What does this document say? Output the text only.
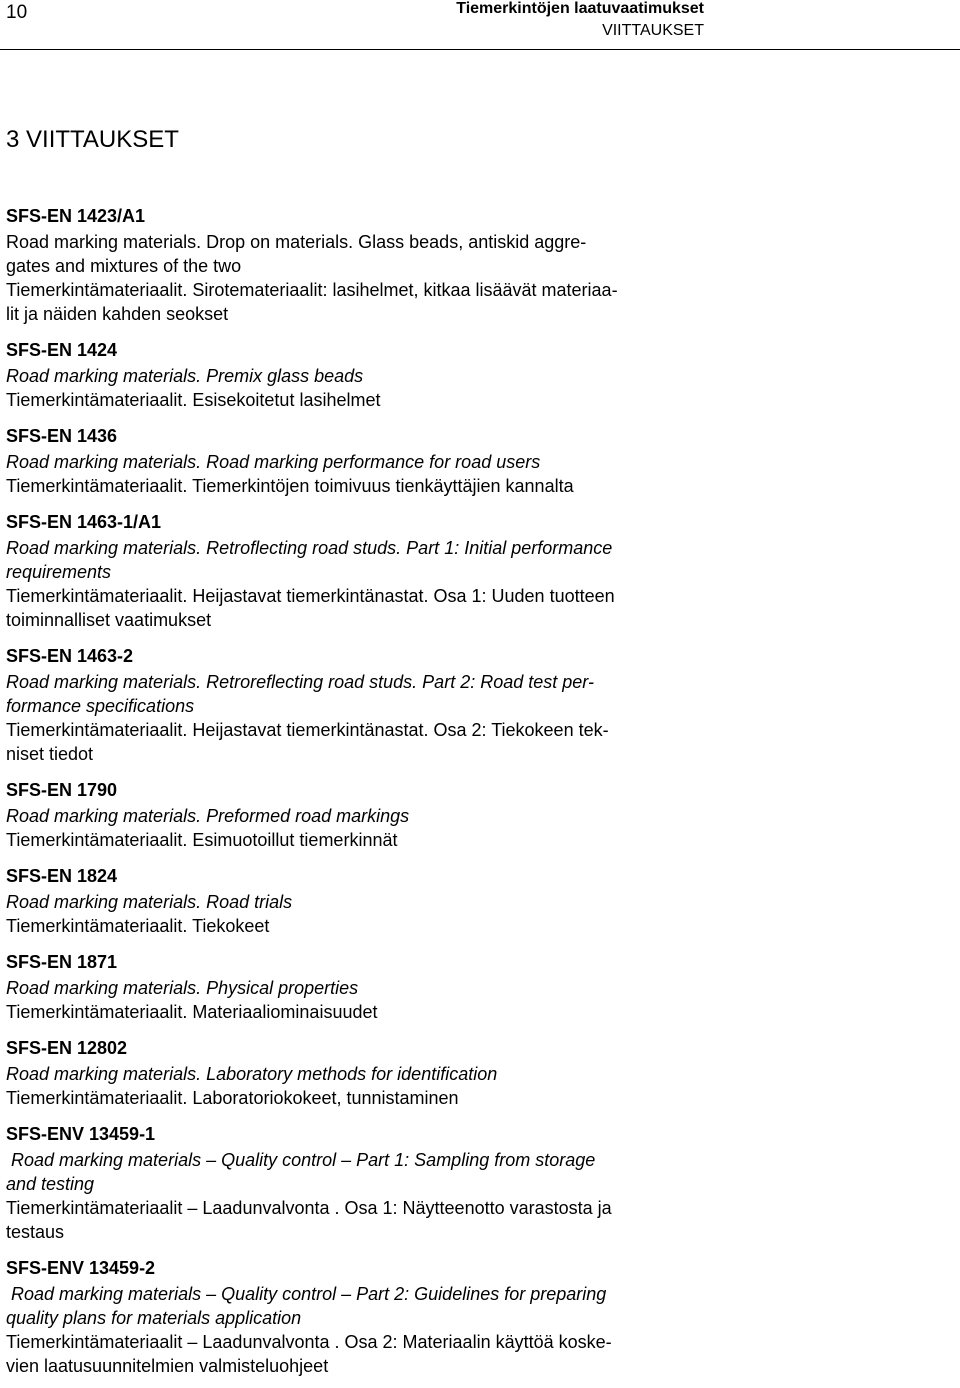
10	Tiemerkintöjen laatuvaatimukset
VIITTAUKSET
3 VIITTAUKSET
SFS-EN 1423/A1
Road marking materials. Drop on materials. Glass beads, antiskid aggre-
gates and mixtures of the two
Tiemerkintämateriaalit. Sirotemateriaalit: lasihelmet, kitkaa lisäävät materiaa-
lit ja näiden kahden seokset
SFS-EN 1424
Road marking materials. Premix glass beads
Tiemerkintämateriaalit. Esisekoitetut lasihelmet
SFS-EN 1436
Road marking materials. Road marking performance for road users
Tiemerkintämateriaalit. Tiemerkintöjen toimivuus tienkäyttäjien kannalta
SFS-EN 1463-1/A1
Road marking materials. Retroflecting road studs. Part 1: Initial performance
requirements
Tiemerkintämateriaalit. Heijastavat tiemerkintänastat. Osa 1: Uuden tuotteen
toiminnalliset vaatimukset
SFS-EN 1463-2
Road marking materials. Retroreflecting road studs. Part 2: Road test per-
formance specifications
Tiemerkintämateriaalit. Heijastavat tiemerkintänastat. Osa 2: Tiekokeen tek-
niset tiedot
SFS-EN 1790
Road marking materials. Preformed road markings
Tiemerkintämateriaalit. Esimuotoillut tiemerkinnät
SFS-EN 1824
Road marking materials. Road trials
Tiemerkintämateriaalit. Tiekokeet
SFS-EN 1871
Road marking materials. Physical properties
Tiemerkintämateriaalit. Materiaaliominaisuudet
SFS-EN 12802
Road marking materials. Laboratory methods for identification
Tiemerkintämateriaalit. Laboratoriokokeet, tunnistaminen
SFS-ENV 13459-1
Road marking materials – Quality control – Part 1: Sampling from storage
and testing
Tiemerkintämateriaalit – Laadunvalvonta . Osa 1: Näytteenotto varastosta ja
testaus
SFS-ENV 13459-2
Road marking materials – Quality control – Part 2: Guidelines for preparing
quality plans for materials application
Tiemerkintämateriaalit – Laadunvalvonta . Osa 2: Materiaalin käyttöä koske-
vien laatusuunnitelmien valmisteluohjeet
